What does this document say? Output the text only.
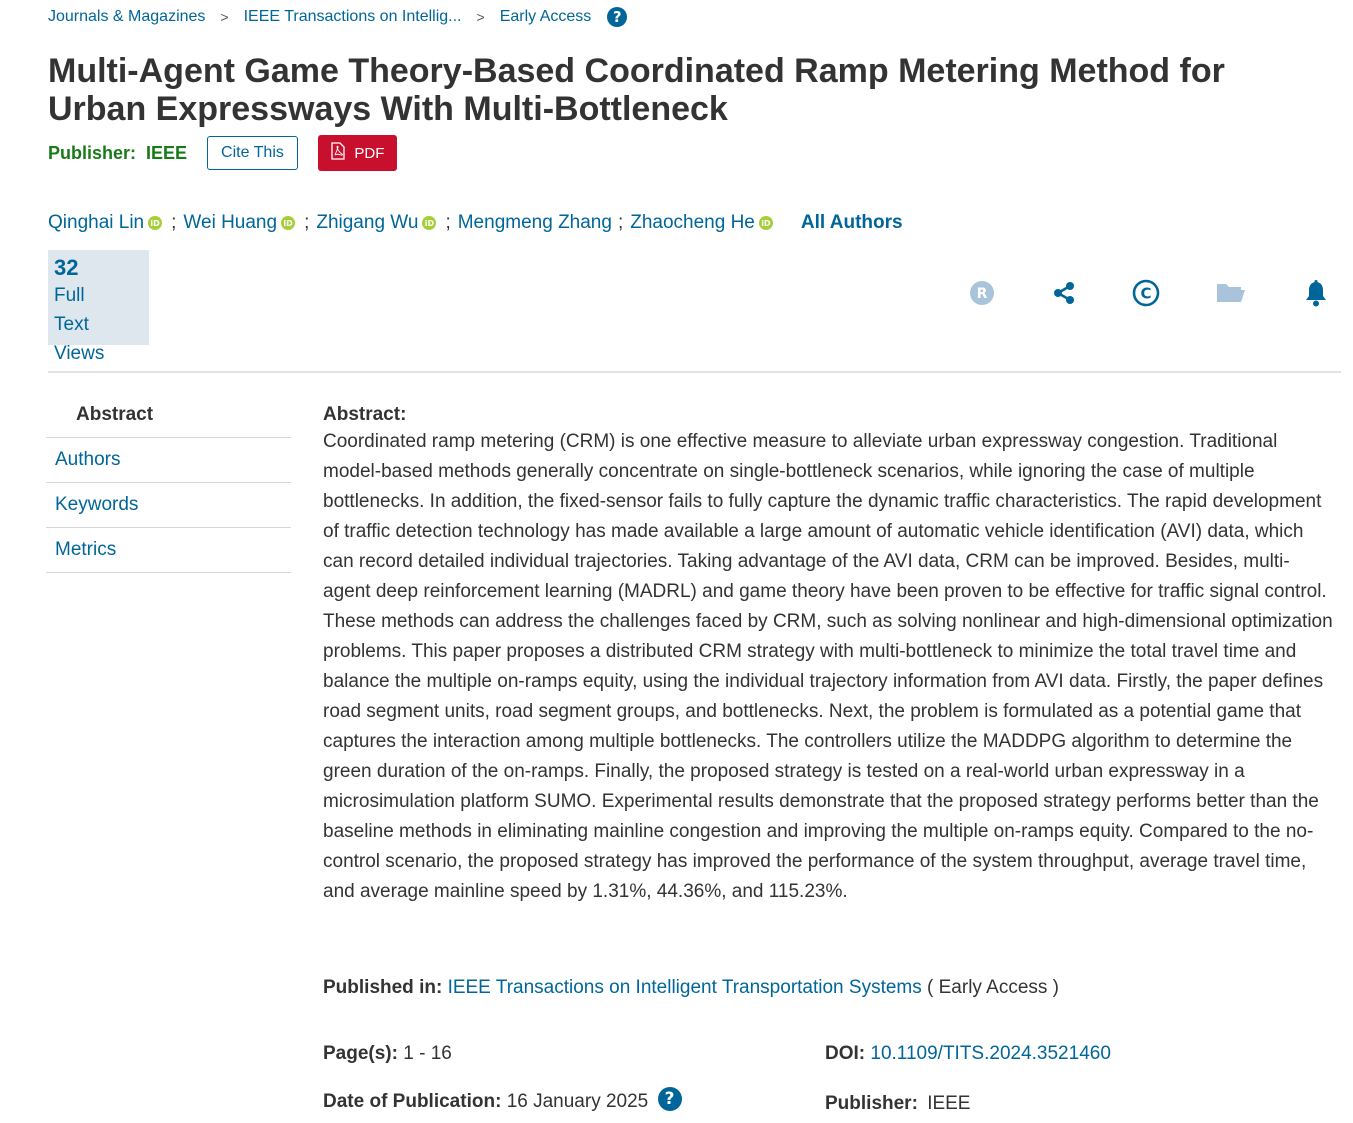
Journals & Magazines > IEEE Transactions on Intellig... > Early Access	?
Multi-Agent Game Theory-Based Coordinated Ramp Metering Method for Urban Expressways With Multi-Bottleneck
Publisher: IEEE	Cite This	PDF
Qinghai Lin iD ; Wei Huang iD ; Zhigang Wu iD ; Mengmeng Zhang ; Zhaocheng He iD All Authors
32
Full
Text Views
R	C
Abstract
Authors
Keywords
Metrics
Abstract:
Coordinated ramp metering (CRM) is one effective measure to alleviate urban expressway congestion. Traditional model-based methods generally concentrate on single-bottleneck scenarios, while ignoring the case of multiple bottlenecks. In addition, the fixed-sensor fails to fully capture the dynamic traffic characteristics. The rapid development of traffic detection technology has made available a large amount of automatic vehicle identification (AVI) data, which can record detailed individual trajectories. Taking advantage of the AVI data, CRM can be improved. Besides, multi-agent deep reinforcement learning (MADRL) and game theory have been proven to be effective for traffic signal control. These methods can address the challenges faced by CRM, such as solving nonlinear and high-dimensional optimization problems. This paper proposes a distributed CRM strategy with multi-bottleneck to minimize the total travel time and balance the multiple on-ramps equity, using the individual trajectory information from AVI data. Firstly, the paper defines road segment units, road segment groups, and bottlenecks. Next, the problem is formulated as a potential game that captures the interaction among multiple bottlenecks. The controllers utilize the MADDPG algorithm to determine the green duration of the on-ramps. Finally, the proposed strategy is tested on a real-world urban expressway in a microsimulation platform SUMO. Experimental results demonstrate that the proposed strategy performs better than the baseline methods in eliminating mainline congestion and improving the multiple on-ramps equity. Compared to the no-control scenario, the proposed strategy has improved the performance of the system throughput, average travel time, and average mainline speed by 1.31%, 44.36%, and 115.23%.
Published in: IEEE Transactions on Intelligent Transportation Systems ( Early Access )
Page(s): 1 - 16
Date of Publication: 16 January 2025 ?
DOI: 10.1109/TITS.2024.3521460
Publisher: IEEE
